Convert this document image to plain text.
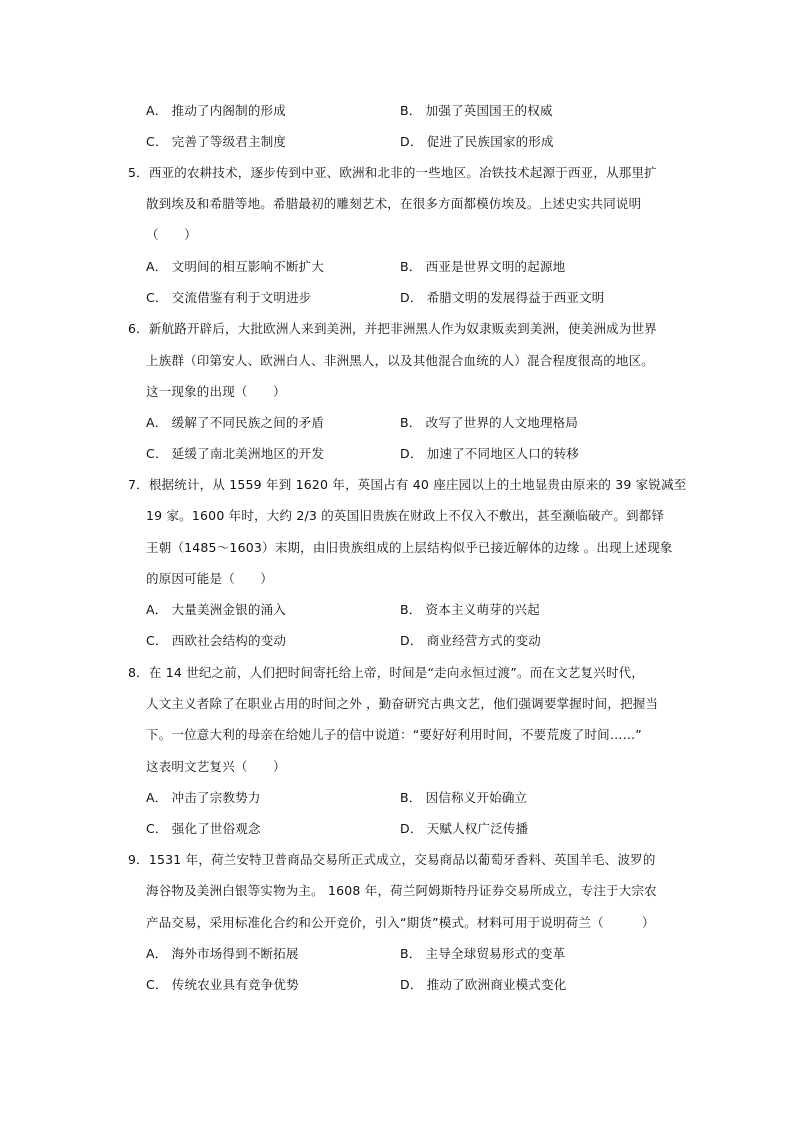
A． 推动了内阁制的形成	B． 加强了英国国王的权威
C． 完善了等级君主制度	D． 促进了民族国家的形成
5．西亚的农耕技术，逐步传到中亚、欧洲和北非的一些地区。冶铁技术起源于西亚，从那里扩
散到埃及和希腊等地。希腊最初的雕刻艺术，在很多方面都模仿埃及。上述史实共同说明
（　　）
A． 文明间的相互影响不断扩大	B． 西亚是世界文明的起源地
C． 交流借鉴有利于文明进步	D． 希腊文明的发展得益于西亚文明
6．新航路开辟后，大批欧洲人来到美洲，并把非洲黑人作为奴隶贩卖到美洲，使美洲成为世界
上族群（印第安人、欧洲白人、非洲黑人，以及其他混合血统的人）混合程度很高的地区。
这一现象的出现（　　）
A． 缓解了不同民族之间的矛盾	B． 改写了世界的人文地理格局
C． 延缓了南北美洲地区的开发	D． 加速了不同地区人口的转移
7．根据统计，从 1559 年到 1620 年，英国占有 40 座庄园以上的土地显贵由原来的 39 家锐减至
19 家。1600 年时，大约 2/3 的英国旧贵族在财政上不仅入不敷出，甚至濒临破产。到都铎
王朝（1485～1603）末期，由旧贵族组成的上层结构似乎已接近解体的边缘 。出现上述现象
的原因可能是（　　）
A． 大量美洲金银的涌入	B． 资本主义萌芽的兴起
C． 西欧社会结构的变动	D． 商业经营方式的变动
8．在 14 世纪之前，人们把时间寄托给上帝，时间是“走向永恒过渡”。而在文艺复兴时代，
人文主义者除了在职业占用的时间之外 ，勤奋研究古典文艺，他们强调要掌握时间，把握当
下。一位意大利的母亲在给她儿子的信中说道：“要好好利用时间，不要荒废了时间……”
这表明文艺复兴（　　）
A． 冲击了宗教势力	B． 因信称义开始确立
C． 强化了世俗观念	D． 天赋人权广泛传播
9．1531 年，荷兰安特卫普商品交易所正式成立，交易商品以葡萄牙香料、英国羊毛、波罗的
海谷物及美洲白银等实物为主。 1608 年，荷兰阿姆斯特丹证券交易所成立，专注于大宗农
产品交易，采用标准化合约和公开竞价，引入“期货”模式。材料可用于说明荷兰（　　　）
A． 海外市场得到不断拓展	B． 主导全球贸易形式的变革
C． 传统农业具有竞争优势	D． 推动了欧洲商业模式变化
